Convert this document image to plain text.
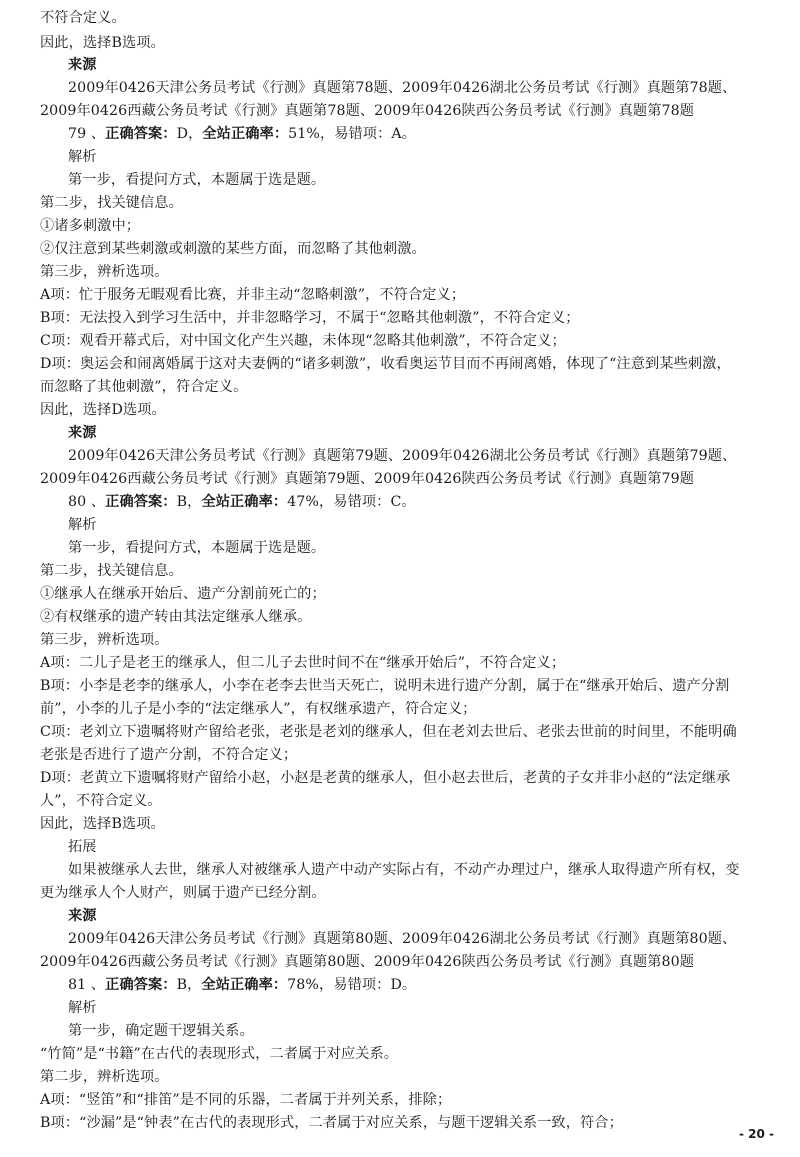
不符合定义。
因此，选择B选项。
来源
2009年0426天津公务员考试《行测》真题第78题、2009年0426湖北公务员考试《行测》真题第78题、
2009年0426西藏公务员考试《行测》真题第78题、2009年0426陕西公务员考试《行测》真题第78题
79 、正确答案：D，全站正确率：51%，易错项：A。
解析
第一步，看提问方式，本题属于选是题。
第二步，找关键信息。
①诸多刺激中；
②仅注意到某些刺激或刺激的某些方面，而忽略了其他刺激。
第三步，辨析选项。
A项：忙于服务无暇观看比赛，并非主动“忽略刺激”，不符合定义；
B项：无法投入到学习生活中，并非忽略学习，不属于“忽略其他刺激”，不符合定义；
C项：观看开幕式后，对中国文化产生兴趣，未体现“忽略其他刺激”，不符合定义；
D项：奥运会和闹离婚属于这对夫妻俩的“诸多刺激”，收看奥运节目而不再闹离婚，体现了“注意到某些刺激，
而忽略了其他刺激”，符合定义。
因此，选择D选项。
来源
2009年0426天津公务员考试《行测》真题第79题、2009年0426湖北公务员考试《行测》真题第79题、
2009年0426西藏公务员考试《行测》真题第79题、2009年0426陕西公务员考试《行测》真题第79题
80 、正确答案：B，全站正确率：47%，易错项：C。
解析
第一步，看提问方式，本题属于选是题。
第二步，找关键信息。
①继承人在继承开始后、遗产分割前死亡的；
②有权继承的遗产转由其法定继承人继承。
第三步，辨析选项。
A项：二儿子是老王的继承人，但二儿子去世时间不在“继承开始后”，不符合定义；
B项：小李是老李的继承人，小李在老李去世当天死亡，说明未进行遗产分割，属于在“继承开始后、遗产分割
前”，小李的儿子是小李的“法定继承人”，有权继承遗产，符合定义；
C项：老刘立下遗嘱将财产留给老张，老张是老刘的继承人，但在老刘去世后、老张去世前的时间里，不能明确
老张是否进行了遗产分割，不符合定义；
D项：老黄立下遗嘱将财产留给小赵，小赵是老黄的继承人，但小赵去世后，老黄的子女并非小赵的“法定继承
人”，不符合定义。
因此，选择B选项。
拓展
如果被继承人去世，继承人对被继承人遗产中动产实际占有，不动产办理过户，继承人取得遗产所有权，变
更为继承人个人财产，则属于遗产已经分割。
来源
2009年0426天津公务员考试《行测》真题第80题、2009年0426湖北公务员考试《行测》真题第80题、
2009年0426西藏公务员考试《行测》真题第80题、2009年0426陕西公务员考试《行测》真题第80题
81 、正确答案：B，全站正确率：78%，易错项：D。
解析
第一步，确定题干逻辑关系。
“竹简”是“书籍”在古代的表现形式，二者属于对应关系。
第二步，辨析选项。
A项：“竖笛”和“排笛”是不同的乐器，二者属于并列关系，排除；
B项：“沙漏”是“钟表”在古代的表现形式，二者属于对应关系，与题干逻辑关系一致，符合；
- 20 -
